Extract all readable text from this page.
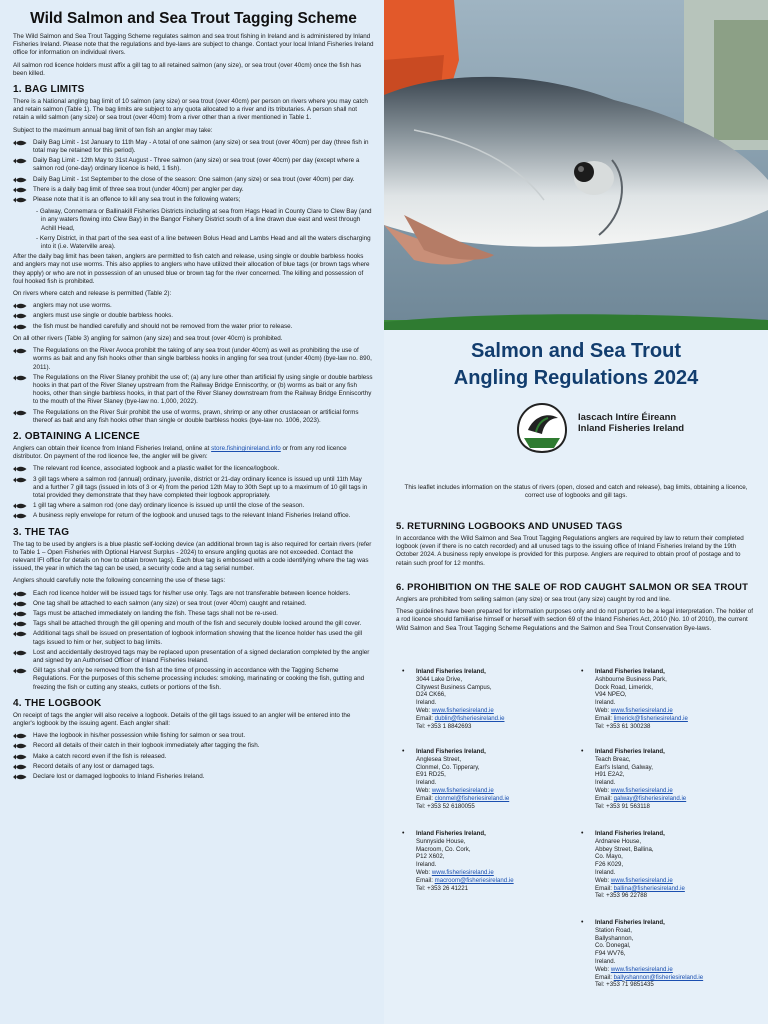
Wild Salmon and Sea Trout Tagging Scheme

The Wild Salmon and Sea Trout Tagging Scheme regulates salmon and sea trout fishing in Ireland and is administered by Inland Fisheries Ireland. Please note that the regulations and bye-laws are subject to change. Contact your local Inland Fisheries Ireland office for information on individual rivers.

All salmon rod licence holders must affix a gill tag to all retained salmon (any size), or sea trout (over 40cm) once the fish has been killed.

1. BAG LIMITS

There is a National angling bag limit of 10 salmon (any size) or sea trout (over 40cm) per person on rivers where you may catch and retain salmon (Table 1). The bag limits are subject to any quota allocated to a river and its tributaries. A person shall not retain a wild salmon (any size) or sea trout (over 40cm) from a river other than a river mentioned in Table 1.

Subject to the maximum annual bag limit of ten fish an angler may take:

Daily Bag Limit - 1st January to 11th May - A total of one salmon (any size) or sea trout (over 40cm) per day (three fish in total may be retained for this period).
Daily Bag Limit - 12th May to 31st August - Three salmon (any size) or sea trout (over 40cm) per day (except where a salmon rod (one-day) ordinary licence is held, 1 fish).
Daily Bag Limit - 1st September to the close of the season: One salmon (any size) or sea trout (over 40cm) per day.
There is a daily bag limit of three sea trout (under 40cm) per angler per day.
Please note that it is an offence to kill any sea trout in the following waters;
- Galway, Connemara or Ballinakill Fisheries Districts including at sea from Hags Head in County Clare to Clew Bay (and in any waters flowing into Clew Bay) in the Bangor Fishery District south of a line drawn due east and west through Achill Head,
- Kerry District, in that part of the sea east of a line between Bolus Head and Lambs Head and all the waters discharging into it (i.e. Waterville area).

After the daily bag limit has been taken, anglers are permitted to fish catch and release, using single or double barbless hooks and anglers may not use worms. This also applies to anglers who have utilized their allocation of blue tags (or brown tags where they apply) or who are not in possession of an unused blue or brown tag for the river concerned. The killing and possession of foul hooked fish is prohibited.

On rivers where catch and release is permitted (Table 2):

anglers may not use worms.
anglers must use single or double barbless hooks.
the fish must be handled carefully and should not be removed from the water prior to release.

On all other rivers (Table 3) angling for salmon (any size) and sea trout (over 40cm) is prohibited.

The Regulations on the River Avoca prohibit the taking of any sea trout (under 40cm) as well as prohibiting the use of worms as bait and any fish hooks other than single barbless hooks in angling for sea trout (under 40cm) (bye-law no. 890, 2011).
The Regulations on the River Slaney prohibit the use of; (a) any lure other than artificial fly using single or double barbless hooks in that part of the River Slaney upstream from the Railway Bridge Enniscorthy, or (b) worms as bait or any fish hooks, other than single barbless hooks, in that part of the River Slaney downstream from the Railway Bridge Enniscorthy to the mouth of the River Slaney (bye-law no. 1,000, 2022).
The Regulations on the River Suir prohibit the use of worms, prawn, shrimp or any other crustacean or artificial forms thereof as bait and any fish hooks other than single or double barbless hooks (bye-law no. 1006, 2023).
2. OBTAINING A LICENCE

Anglers can obtain their licence from Inland Fisheries Ireland, online at store.fishinginireland.info or from any rod licence distributor. On payment of the rod licence fee, the angler will be given:

The relevant rod licence, associated logbook and a plastic wallet for the licence/logbook.
3 gill tags where a salmon rod (annual) ordinary, juvenile, district or 21-day ordinary licence is issued up until 11th May and a further 7 gill tags (issued in lots of 3 or 4) from the period 12th May to 30th Sept up to a maximum of 10 gill tags in total provided they demonstrate that they have completed their logbook appropriately.
1 gill tag where a salmon rod (one day) ordinary licence is issued up until the close of the season.
A business reply envelope for return of the logbook and unused tags to the relevant Inland Fisheries Ireland office.
3. THE TAG

The tag to be used by anglers is a blue plastic self-locking device (an additional brown tag is also required for certain rivers (refer to Table 1 – Open Fisheries with Optional Harvest Surplus - 2024) to ensure angling quotas are not exceeded. Contact the relevant IFI office for details on how to obtain brown tags). Each blue tag is embossed with a code identifying where the tag was issued, the year in which the tag can be used, a security code and a tag serial number.

Anglers should carefully note the following concerning the use of these tags:

Each rod licence holder will be issued tags for his/her use only. Tags are not transferable between licence holders.
One tag shall be attached to each salmon (any size) or sea trout (over 40cm) caught and retained.
Tags must be attached immediately on landing the fish. These tags shall not be re-used.
Tags shall be attached through the gill opening and mouth of the fish and securely double locked around the gill cover.
Additional tags shall be issued on presentation of logbook information showing that the licence holder has used the gill tags issued to him or her, subject to bag limits.
Lost and accidentally destroyed tags may be replaced upon presentation of a signed declaration completed by the angler and signed by an Authorised Officer of Inland Fisheries Ireland.
Gill tags shall only be removed from the fish at the time of processing in accordance with the Tagging Scheme Regulations. For the purposes of this scheme processing includes: smoking, marinating or cooking the fish, gutting and freezing the fish or cutting any steaks, cutlets or portions of the fish.
4. THE LOGBOOK

On receipt of tags the angler will also receive a logbook. Details of the gill tags issued to an angler will be entered into the angler's logbook by the issuing agent. Each angler shall:

Have the logbook in his/her possession while fishing for salmon or sea trout.
Record all details of their catch in their logbook immediately after tagging the fish.
Make a catch record even if the fish is released.
Record details of any lost or damaged tags.
Declare lost or damaged logbooks to Inland Fisheries Ireland.
Salmon and Sea Trout
Angling Regulations 2024
Iascach Intíre Éireann
Inland Fisheries Ireland
This leaflet includes information on the status of rivers (open, closed and catch and release), bag limits, obtaining a licence, correct use of logbooks and gill tags.
5. RETURNING LOGBOOKS AND UNUSED TAGS

In accordance with the Wild Salmon and Sea Trout Tagging Regulations anglers are required by law to return their completed logbook (even if there is no catch recorded) and all unused tags to the issuing office of Inland Fisheries Ireland by the 19th October 2024. A business reply envelope is provided for this purpose. Anglers are required to obtain proof of postage and to retain such proof for 12 months.

6. PROHIBITION ON THE SALE OF ROD CAUGHT SALMON OR SEA TROUT

Anglers are prohibited from selling salmon (any size) or sea trout (any size) caught by rod and line.

These guidelines have been prepared for information purposes only and do not purport to be a legal interpretation. The holder of a rod licence should familiarise himself or herself with section 69 of the Inland Fisheries Act, 2010 (No. 10 of 2010), the current Wild Salmon and Sea Trout Tagging Scheme Regulations and the Salmon and Sea Trout Conservation Bye-laws.

• Inland Fisheries Ireland,
3044 Lake Drive,
Citywest Business Campus,
D24 CK66,
Ireland.
Web: www.fisheriesireland.ie
Email: dublin@fisheriesireland.ie
Tel: +353 1 8842693
• Inland Fisheries Ireland,
Ashbourne Business Park,
Dock Road, Limerick,
V94 NPEO,
Ireland.
Web: www.fisheriesireland.ie
Email: limerick@fisheriesireland.ie
Tel: +353 61 300238
• Inland Fisheries Ireland,
Anglesea Street,
Clonmel, Co. Tipperary,
E91 RD25,
Ireland.
Web: www.fisheriesireland.ie
Email: clonmel@fisheriesireland.ie
Tel: +353 52 6180055
• Inland Fisheries Ireland,
Teach Breac,
Earl's Island, Galway,
H91 E2A2,
Ireland.
Web: www.fisheriesireland.ie
Email: galway@fisheriesireland.ie
Tel: +353 91 563118
• Inland Fisheries Ireland,
Sunnyside House,
Macroom, Co. Cork,
P12 X602,
Ireland.
Web: www.fisheriesireland.ie
Email: macroom@fisheriesireland.ie
Tel: +353 26 41221
• Inland Fisheries Ireland,
Ardnaree House,
Abbey Street, Ballina,
Co. Mayo,
F26 K029,
Ireland.
Web: www.fisheriesireland.ie
Email: ballina@fisheriesireland.ie
Tel: +353 96 22788
• Inland Fisheries Ireland,
Station Road,
Ballyshannon,
Co. Donegal,
F94 WV76,
Ireland.
Web: www.fisheriesireland.ie
Email: ballyshannon@fisheriesireland.ie
Tel: +353 71 9851435
